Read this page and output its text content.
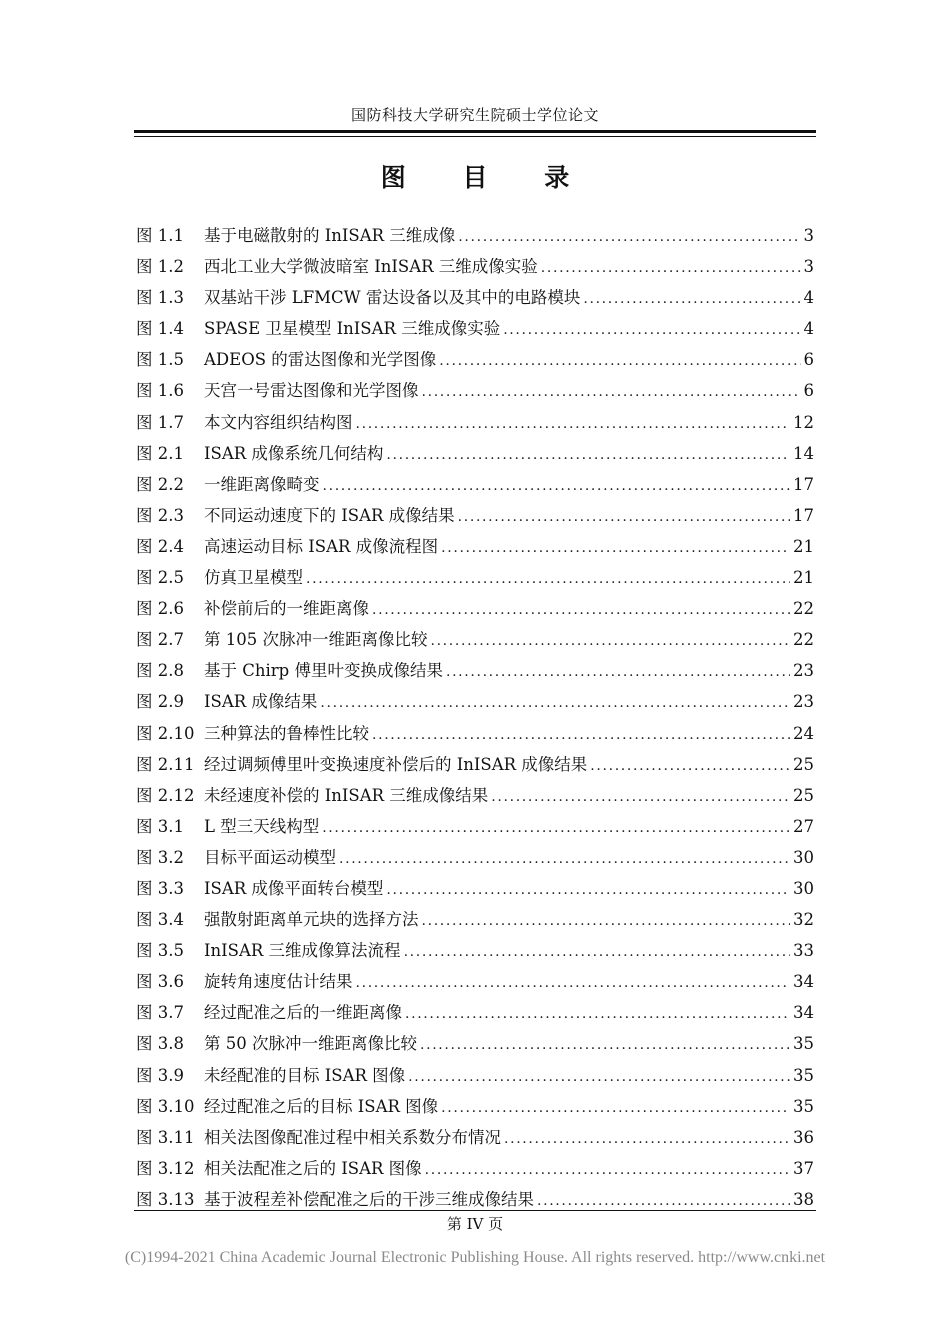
国防科技大学研究生院硕士学位论文
图 目 录
图 1.1	基于电磁散射的 InISAR 三维成像 . . .	3
图 1.2	西北工业大学微波暗室 InISAR 三维成像实验 . . .	3
图 1.3	双基站干涉 LFMCW 雷达设备以及其中的电路模块 . . .	4
图 1.4	SPASE 卫星模型 InISAR 三维成像实验 . . .	4
图 1.5	ADEOS 的雷达图像和光学图像 . . .	6
图 1.6	天宫一号雷达图像和光学图像 . . .	6
图 1.7	本文内容组织结构图 . . .	12
图 2.1	ISAR 成像系统几何结构 . . .	14
图 2.2	一维距离像畸变 . . .	17
图 2.3	不同运动速度下的 ISAR 成像结果 . . .	17
图 2.4	高速运动目标 ISAR 成像流程图 . . .	21
图 2.5	仿真卫星模型 . . .	21
图 2.6	补偿前后的一维距离像 . . .	22
图 2.7	第 105 次脉冲一维距离像比较 . . .	22
图 2.8	基于 Chirp 傅里叶变换成像结果 . . .	23
图 2.9	ISAR 成像结果 . . .	23
图 2.10 三种算法的鲁棒性比较 . . .	24
图 2.11 经过调频傅里叶变换速度补偿后的 InISAR 成像结果 . . .	25
图 2.12 未经速度补偿的 InISAR 三维成像结果 . . .	25
图 3.1	L 型三天线构型 . . .	27
图 3.2	目标平面运动模型 . . .	30
图 3.3	ISAR 成像平面转台模型 . . .	30
图 3.4	强散射距离单元块的选择方法 . . .	32
图 3.5	InISAR 三维成像算法流程 . . .	33
图 3.6	旋转角速度估计结果 . . .	34
图 3.7	经过配准之后的一维距离像 . . .	34
图 3.8	第 50 次脉冲一维距离像比较 . . .	35
图 3.9	未经配准的目标 ISAR 图像 . . .	35
图 3.10 经过配准之后的目标 ISAR 图像 . . .	35
图 3.11 相关法图像配准过程中相关系数分布情况 . . .	36
图 3.12 相关法配准之后的 ISAR 图像 . . .	37
图 3.13 基于波程差补偿配准之后的干涉三维成像结果 . . .	38
第 IV 页
(C)1994-2021 China Academic Journal Electronic Publishing House. All rights reserved. http://www.cnki.net
